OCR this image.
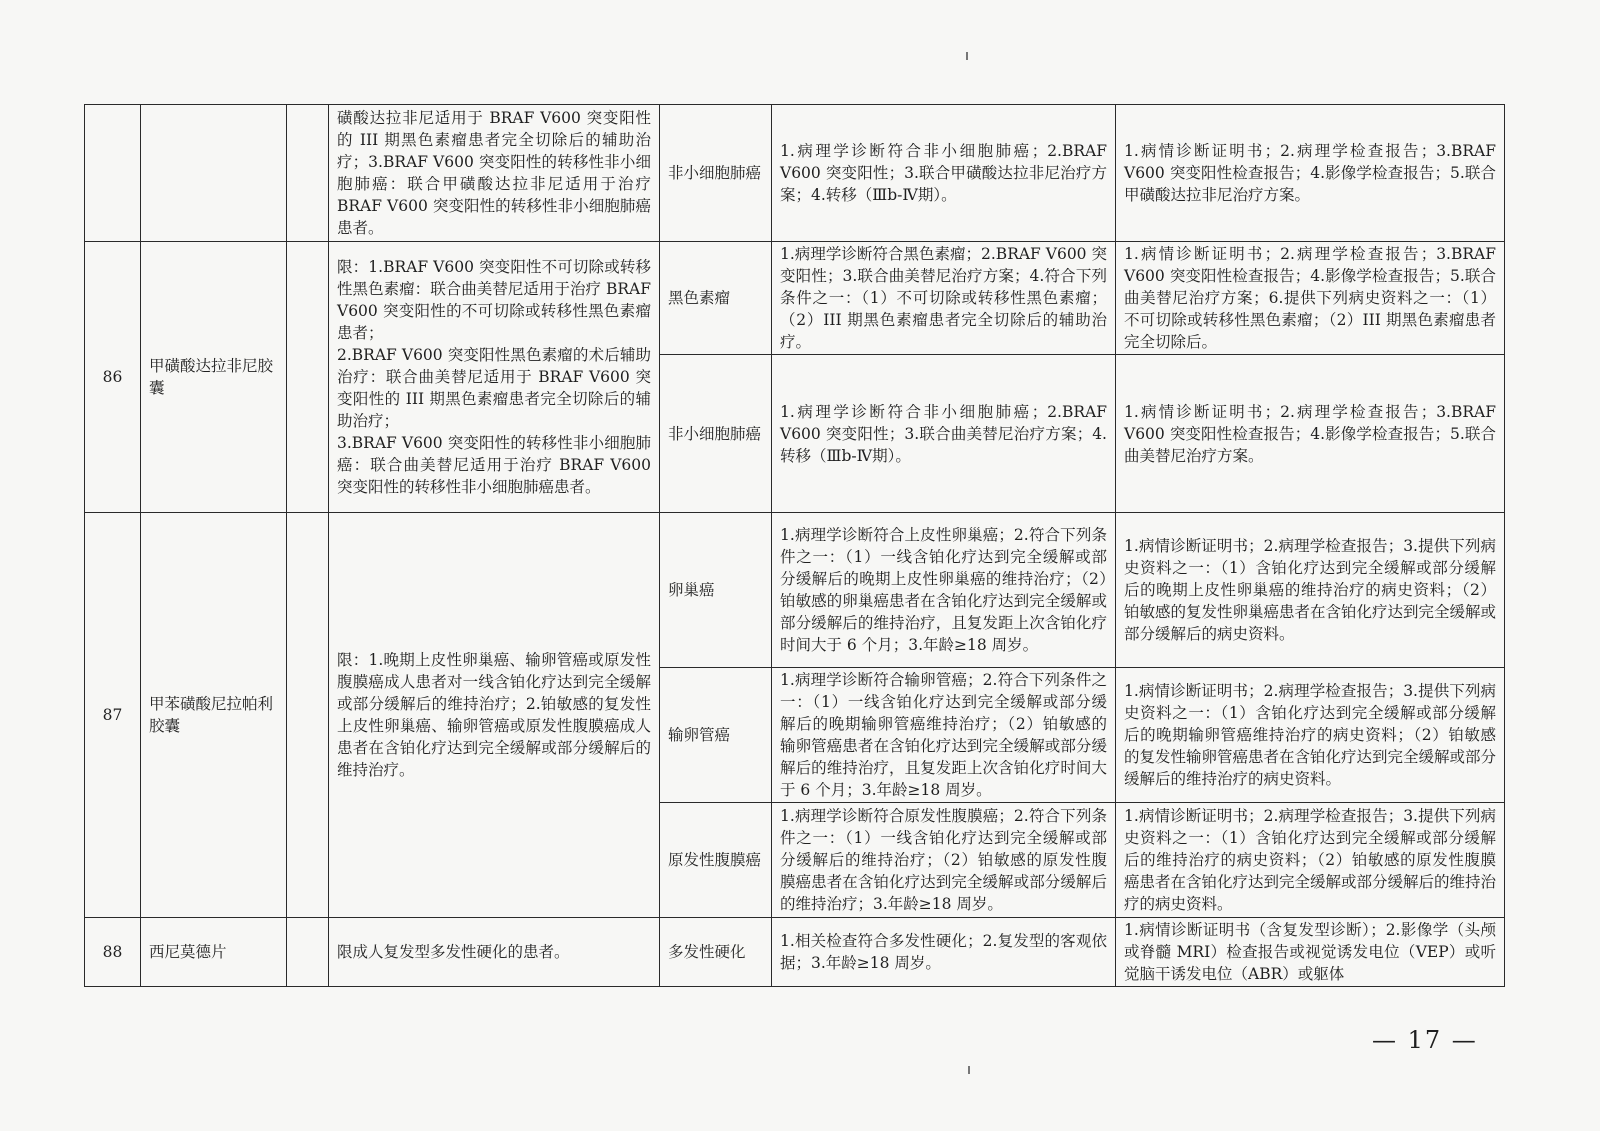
			磺酸达拉非尼适用于 BRAF V600 突变阳性的 III 期黑色素瘤患者完全切除后的辅助治疗；3.BRAF V600 突变阳性的转移性非小细胞肺癌：联合甲磺酸达拉非尼适用于治疗 BRAF V600 突变阳性的转移性非小细胞肺癌患者。	非小细胞肺癌	1.病理学诊断符合非小细胞肺癌；2.BRAF V600 突变阳性；3.联合甲磺酸达拉非尼治疗方案；4.转移（Ⅲb-Ⅳ期）。	1.病情诊断证明书；2.病理学检查报告；3.BRAF V600 突变阳性检查报告；4.影像学检查报告；5.联合甲磺酸达拉非尼治疗方案。
86	甲磺酸达拉非尼胶囊		限：1.BRAF V600 突变阳性不可切除或转移性黑色素瘤：联合曲美替尼适用于治疗 BRAF V600 突变阳性的不可切除或转移性黑色素瘤患者；
2.BRAF V600 突变阳性黑色素瘤的术后辅助治疗：联合曲美替尼适用于 BRAF V600 突变阳性的 III 期黑色素瘤患者完全切除后的辅助治疗；
3.BRAF V600 突变阳性的转移性非小细胞肺癌：联合曲美替尼适用于治疗 BRAF V600 突变阳性的转移性非小细胞肺癌患者。	黑色素瘤	1.病理学诊断符合黑色素瘤；2.BRAF V600 突变阳性；3.联合曲美替尼治疗方案；4.符合下列条件之一：（1）不可切除或转移性黑色素瘤；（2）III 期黑色素瘤患者完全切除后的辅助治疗。	1.病情诊断证明书；2.病理学检查报告；3.BRAF V600 突变阳性检查报告；4.影像学检查报告；5.联合曲美替尼治疗方案；6.提供下列病史资料之一：（1）不可切除或转移性黑色素瘤；（2）III 期黑色素瘤患者完全切除后。
				非小细胞肺癌	1.病理学诊断符合非小细胞肺癌；2.BRAF V600 突变阳性；3.联合曲美替尼治疗方案；4.转移（Ⅲb-Ⅳ期）。	1.病情诊断证明书；2.病理学检查报告；3.BRAF V600 突变阳性检查报告；4.影像学检查报告；5.联合曲美替尼治疗方案。
87	甲苯磺酸尼拉帕利胶囊		限：1.晚期上皮性卵巢癌、输卵管癌或原发性腹膜癌成人患者对一线含铂化疗达到完全缓解或部分缓解后的维持治疗；2.铂敏感的复发性上皮性卵巢癌、输卵管癌或原发性腹膜癌成人患者在含铂化疗达到完全缓解或部分缓解后的维持治疗。	卵巢癌	1.病理学诊断符合上皮性卵巢癌；2.符合下列条件之一：（1）一线含铂化疗达到完全缓解或部分缓解后的晚期上皮性卵巢癌的维持治疗；（2）铂敏感的卵巢癌患者在含铂化疗达到完全缓解或部分缓解后的维持治疗，且复发距上次含铂化疗时间大于 6 个月；3.年龄≥18 周岁。	1.病情诊断证明书；2.病理学检查报告；3.提供下列病史资料之一：（1）含铂化疗达到完全缓解或部分缓解后的晚期上皮性卵巢癌的维持治疗的病史资料；（2）铂敏感的复发性卵巢癌患者在含铂化疗达到完全缓解或部分缓解后的病史资料。
				输卵管癌	1.病理学诊断符合输卵管癌；2.符合下列条件之一：（1）一线含铂化疗达到完全缓解或部分缓解后的晚期输卵管癌维持治疗；（2）铂敏感的输卵管癌患者在含铂化疗达到完全缓解或部分缓解后的维持治疗，且复发距上次含铂化疗时间大于 6 个月；3.年龄≥18 周岁。	1.病情诊断证明书；2.病理学检查报告；3.提供下列病史资料之一：（1）含铂化疗达到完全缓解或部分缓解后的晚期输卵管癌维持治疗的病史资料；（2）铂敏感的复发性输卵管癌患者在含铂化疗达到完全缓解或部分缓解后的维持治疗的病史资料。
				原发性腹膜癌	1.病理学诊断符合原发性腹膜癌；2.符合下列条件之一：（1）一线含铂化疗达到完全缓解或部分缓解后的维持治疗；（2）铂敏感的原发性腹膜癌患者在含铂化疗达到完全缓解或部分缓解后的维持治疗；3.年龄≥18 周岁。	1.病情诊断证明书；2.病理学检查报告；3.提供下列病史资料之一：（1）含铂化疗达到完全缓解或部分缓解后的维持治疗的病史资料；（2）铂敏感的原发性腹膜癌患者在含铂化疗达到完全缓解或部分缓解后的维持治疗的病史资料。
88	西尼莫德片		限成人复发型多发性硬化的患者。	多发性硬化	1.相关检查符合多发性硬化；2.复发型的客观依据；3.年龄≥18 周岁。	1.病情诊断证明书（含复发型诊断）；2.影像学（头颅或脊髓 MRI）检查报告或视觉诱发电位（VEP）或听觉脑干诱发电位（ABR）或躯体
— 17 —
